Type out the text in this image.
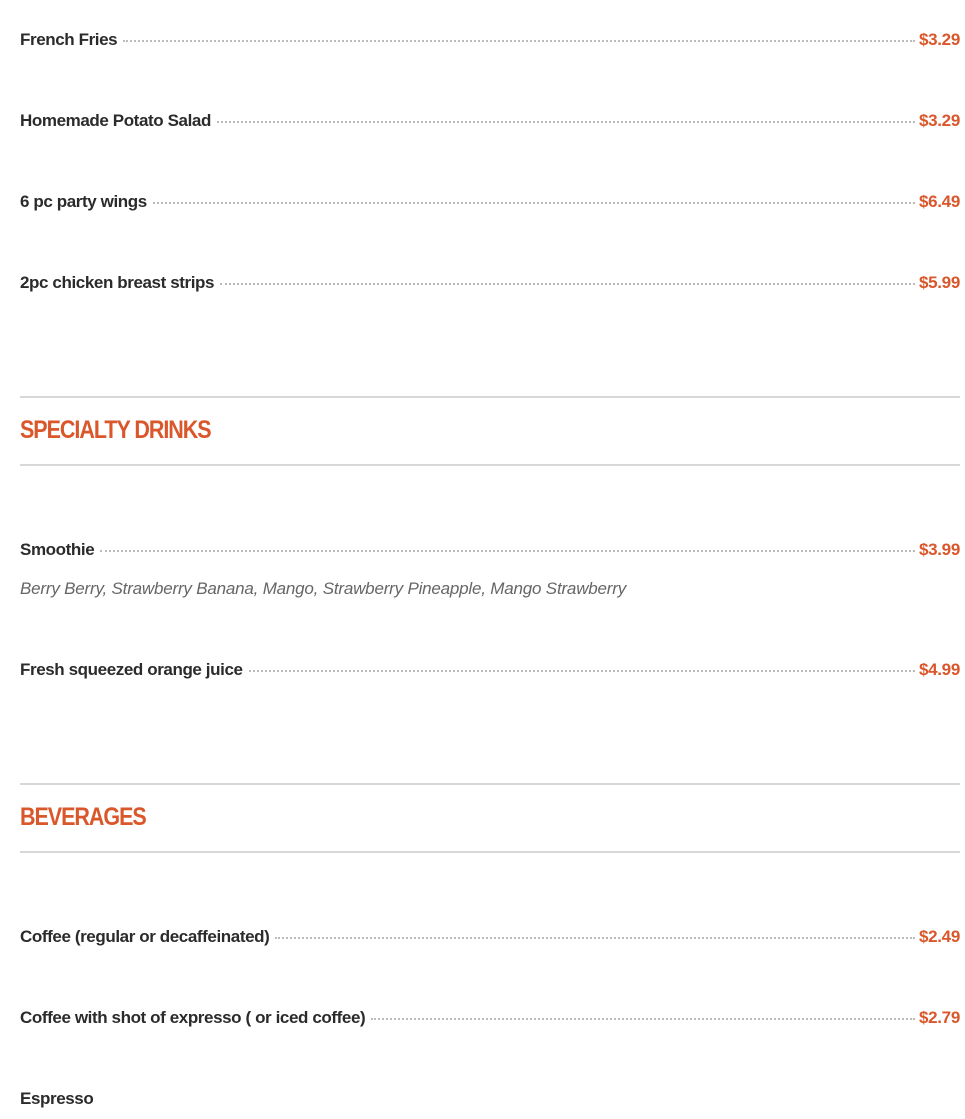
French Fries	$3.29
Homemade Potato Salad	$3.29
6 pc party wings	$6.49
2pc chicken breast strips	$5.99
SPECIALTY DRINKS
Smoothie	$3.99
Berry Berry, Strawberry Banana, Mango, Strawberry Pineapple, Mango Strawberry
Fresh squeezed orange juice	$4.99
BEVERAGES
Coffee (regular or decaffeinated)	$2.49
Coffee with shot of expresso ( or iced coffee)	$2.79
Espresso
